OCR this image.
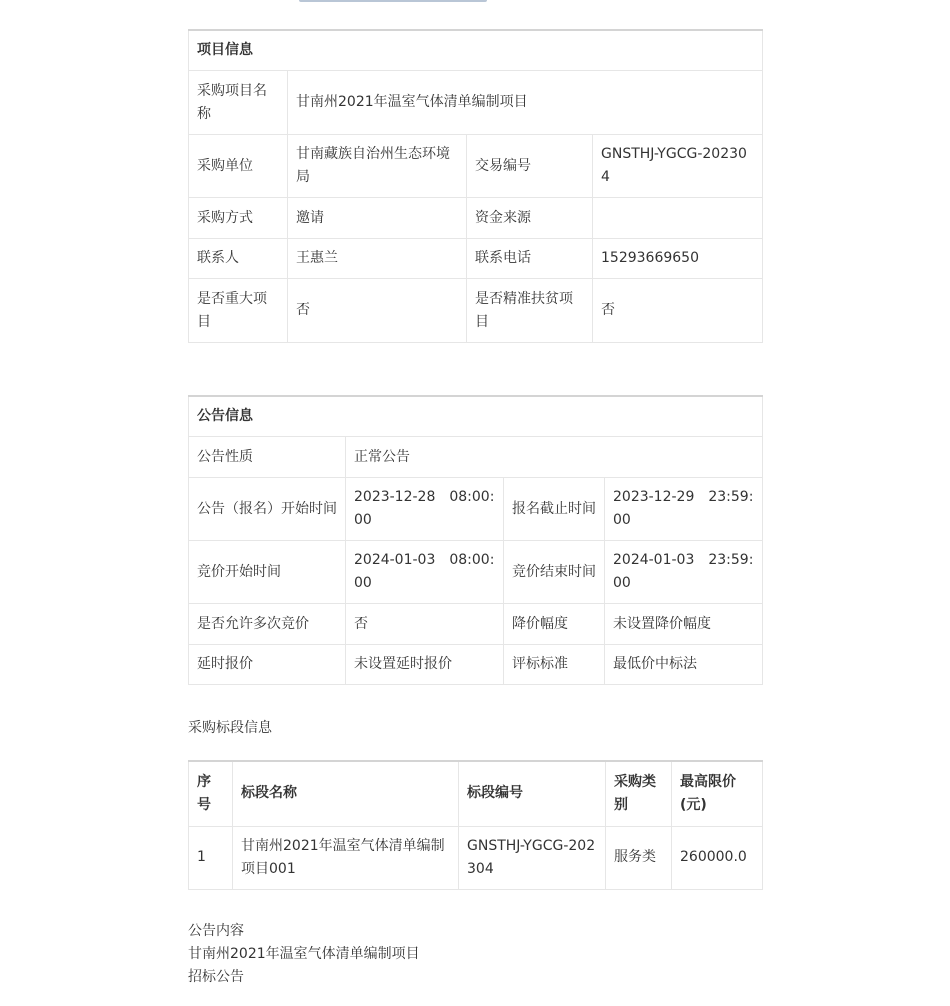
项目信息			
采购项目名称	甘南州2021年温室气体清单编制项目		
采购单位	甘南藏族自治州生态环境局	交易编号	GNSTHJ-YGCG-202304
采购方式	邀请	资金来源	
联系人	王惠兰	联系电话	15293669650
是否重大项目	否	是否精准扶贫项目	否
公告信息			
公告性质	正常公告		
公告（报名）开始时间	2023-12-28　08:00:00	报名截止时间	2023-12-29　23:59:00
竞价开始时间	2024-01-03　08:00:00	竞价结束时间	2024-01-03　23:59:00
是否允许多次竞价	否	降价幅度	未设置降价幅度
延时报价	未设置延时报价	评标标准	最低价中标法
采购标段信息
序号	标段名称	标段编号	采购类别	最高限价(元)
1	甘南州2021年温室气体清单编制项目001	GNSTHJ-YGCG-202304	服务类	260000.0
公告内容
甘南州2021年温室气体清单编制项目
招标公告
